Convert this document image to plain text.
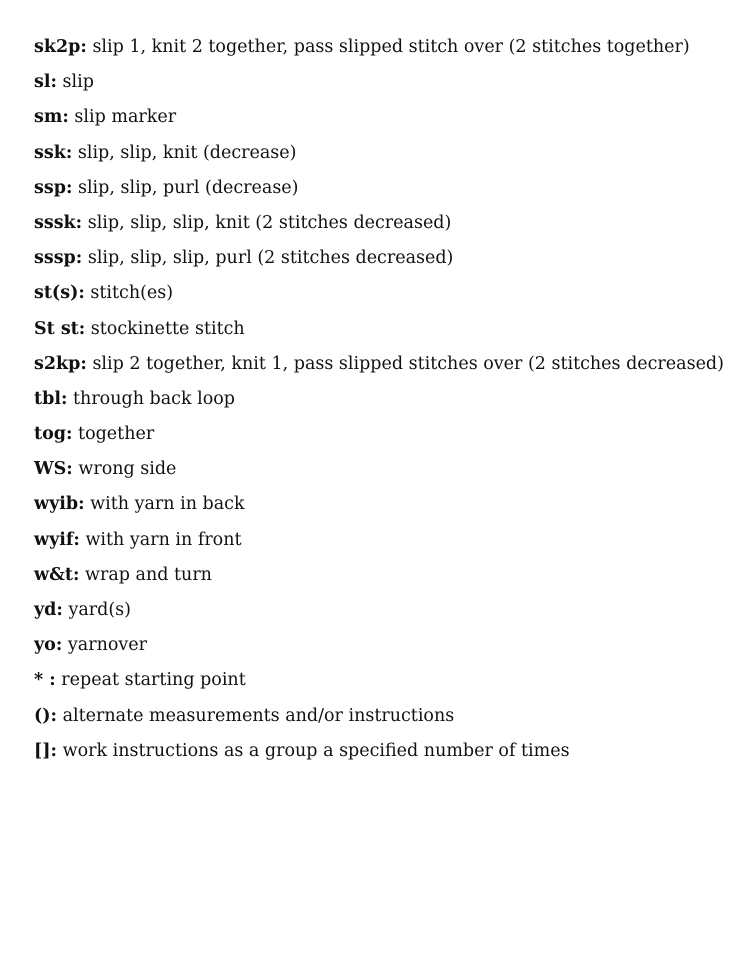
sk2p: slip 1, knit 2 together, pass slipped stitch over (2 stitches together)
sl: slip
sm: slip marker
ssk: slip, slip, knit (decrease)
ssp: slip, slip, purl (decrease)
sssk: slip, slip, slip, knit (2 stitches decreased)
sssp: slip, slip, slip, purl (2 stitches decreased)
st(s): stitch(es)
St st: stockinette stitch
s2kp: slip 2 together, knit 1, pass slipped stitches over (2 stitches decreased)
tbl: through back loop
tog: together
WS: wrong side
wyib: with yarn in back
wyif: with yarn in front
w&t: wrap and turn
yd: yard(s)
yo: yarnover
* : repeat starting point
(): alternate measurements and/or instructions
[]: work instructions as a group a specified number of times
